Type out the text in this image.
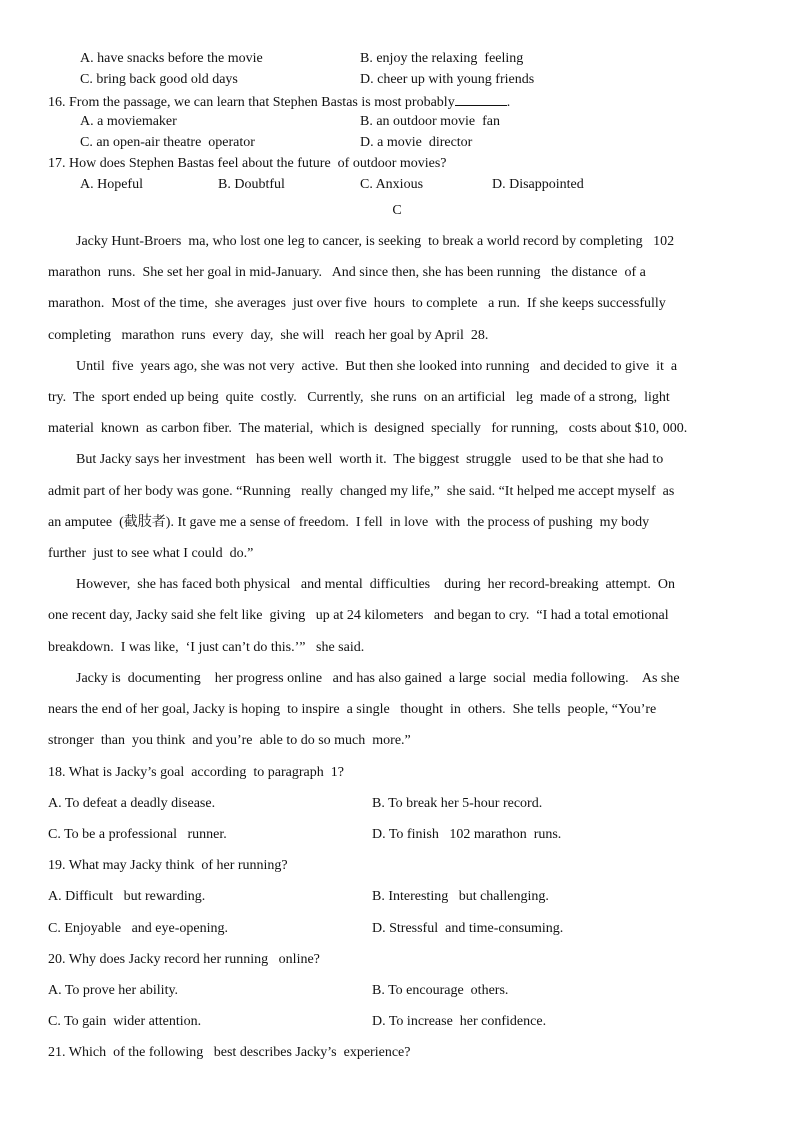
A. have snacks before the movie	B. enjoy the relaxing  feeling
C. bring back good old days	D. cheer up with young friends
16. From the passage, we can learn that Stephen Bastas is most probably	.
A. a moviemaker	B. an outdoor movie  fan
C. an open-air theatre  operator	D. a movie  director
17. How does Stephen Bastas feel about the future  of outdoor movies?
A. Hopeful	B. Doubtful	C. Anxious	D. Disappointed
C
Jacky Hunt-Broers  ma, who lost one leg to cancer, is seeking  to break a world record by completing   102
marathon  runs.  She set her goal in mid-January.   And since then, she has been running   the distance  of a
marathon.  Most of the time,  she averages  just over five  hours  to complete   a run.  If she keeps successfully
completing   marathon  runs  every  day,  she will   reach her goal by April  28.
Until  five  years ago, she was not very  active.  But then she looked into running   and decided to give  it  a
try.  The  sport ended up being  quite  costly.   Currently,  she runs  on an artificial   leg  made of a strong,  light
material  known  as carbon fiber.  The material,  which is  designed  specially   for running,   costs about $10, 000.
But Jacky says her investment   has been well  worth it.  The biggest  struggle   used to be that she had to
admit part of her body was gone. “Running   really  changed my life,”  she said. “It helped me accept myself  as
an amputee  (截肢者). It gave me a sense of freedom.  I fell  in love  with  the process of pushing  my body
further  just to see what I could  do.”
However,  she has faced both physical   and mental  difficulties    during  her record-breaking  attempt.  On
one recent day, Jacky said she felt like  giving   up at 24 kilometers   and began to cry.  “I had a total emotional
breakdown.  I was like,  ‘I just can’t do this.’”   she said.
Jacky is  documenting    her progress online   and has also gained  a large  social  media following.    As she
nears the end of her goal, Jacky is hoping  to inspire  a single   thought  in  others.  She tells  people, “You’re
stronger  than  you think  and you’re  able to do so much  more.”
18. What is Jacky’s goal  according  to paragraph  1?
A. To defeat a deadly disease.	B. To break her 5-hour record.
C. To be a professional   runner.	D. To finish   102 marathon  runs.
19. What may Jacky think  of her running?
A. Difficult   but rewarding.	B. Interesting   but challenging.
C. Enjoyable   and eye-opening.	D. Stressful  and time-consuming.
20. Why does Jacky record her running   online?
A. To prove her ability.	B. To encourage  others.
C. To gain  wider attention.	D. To increase  her confidence.
21. Which  of the following   best describes Jacky’s  experience?
